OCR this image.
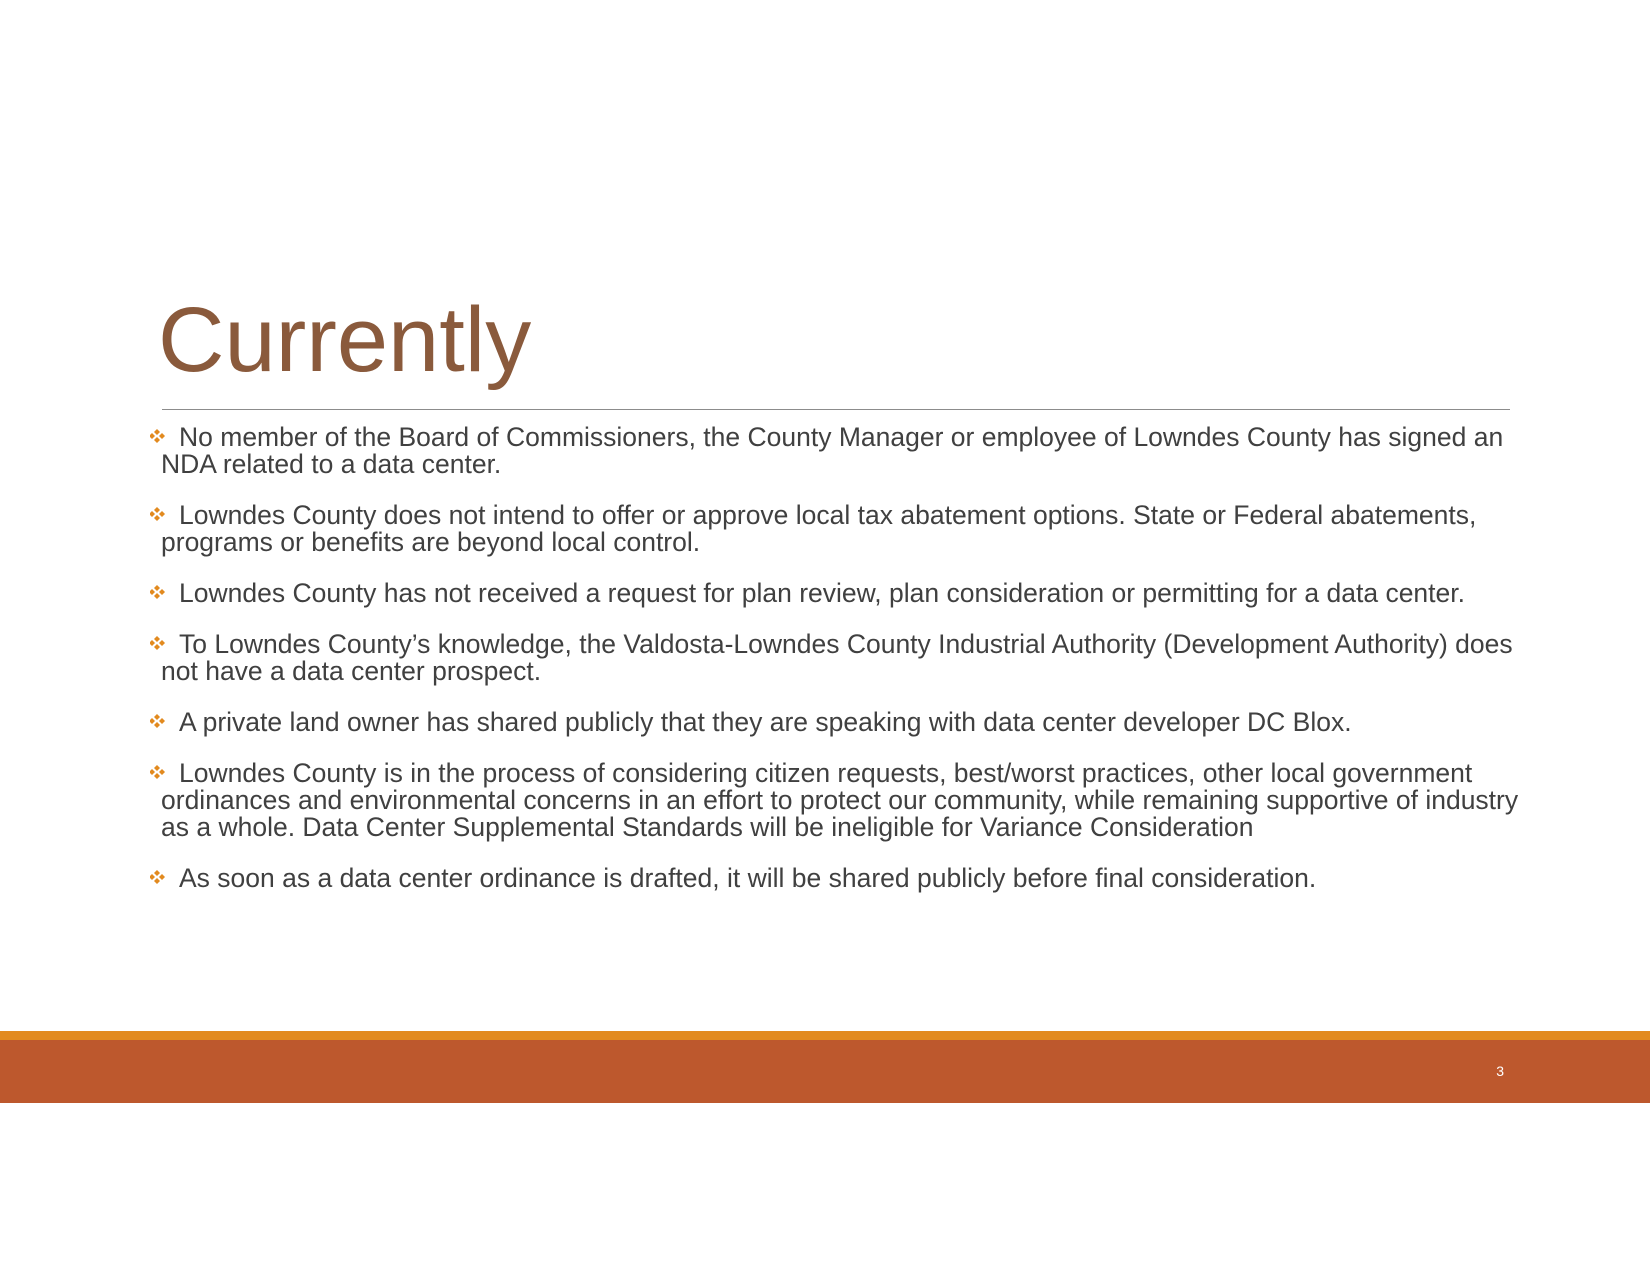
Currently
No member of the Board of Commissioners, the County Manager or employee of Lowndes County has signed an NDA related to a data center.
Lowndes County does not intend to offer or approve local tax abatement options. State or Federal abatements, programs or benefits are beyond local control.
Lowndes County has not received a request for plan review, plan consideration or permitting for a data center.
To Lowndes County’s knowledge, the Valdosta-Lowndes County Industrial Authority (Development Authority) does not have a data center prospect.
A private land owner has shared publicly that they are speaking with data center developer DC Blox.
Lowndes County is in the process of considering citizen requests, best/worst practices, other local government ordinances and environmental concerns in an effort to protect our community, while remaining supportive of industry as a whole. Data Center Supplemental Standards will be ineligible for Variance Consideration
As soon as a data center ordinance is drafted, it will be shared publicly before final consideration.
3
